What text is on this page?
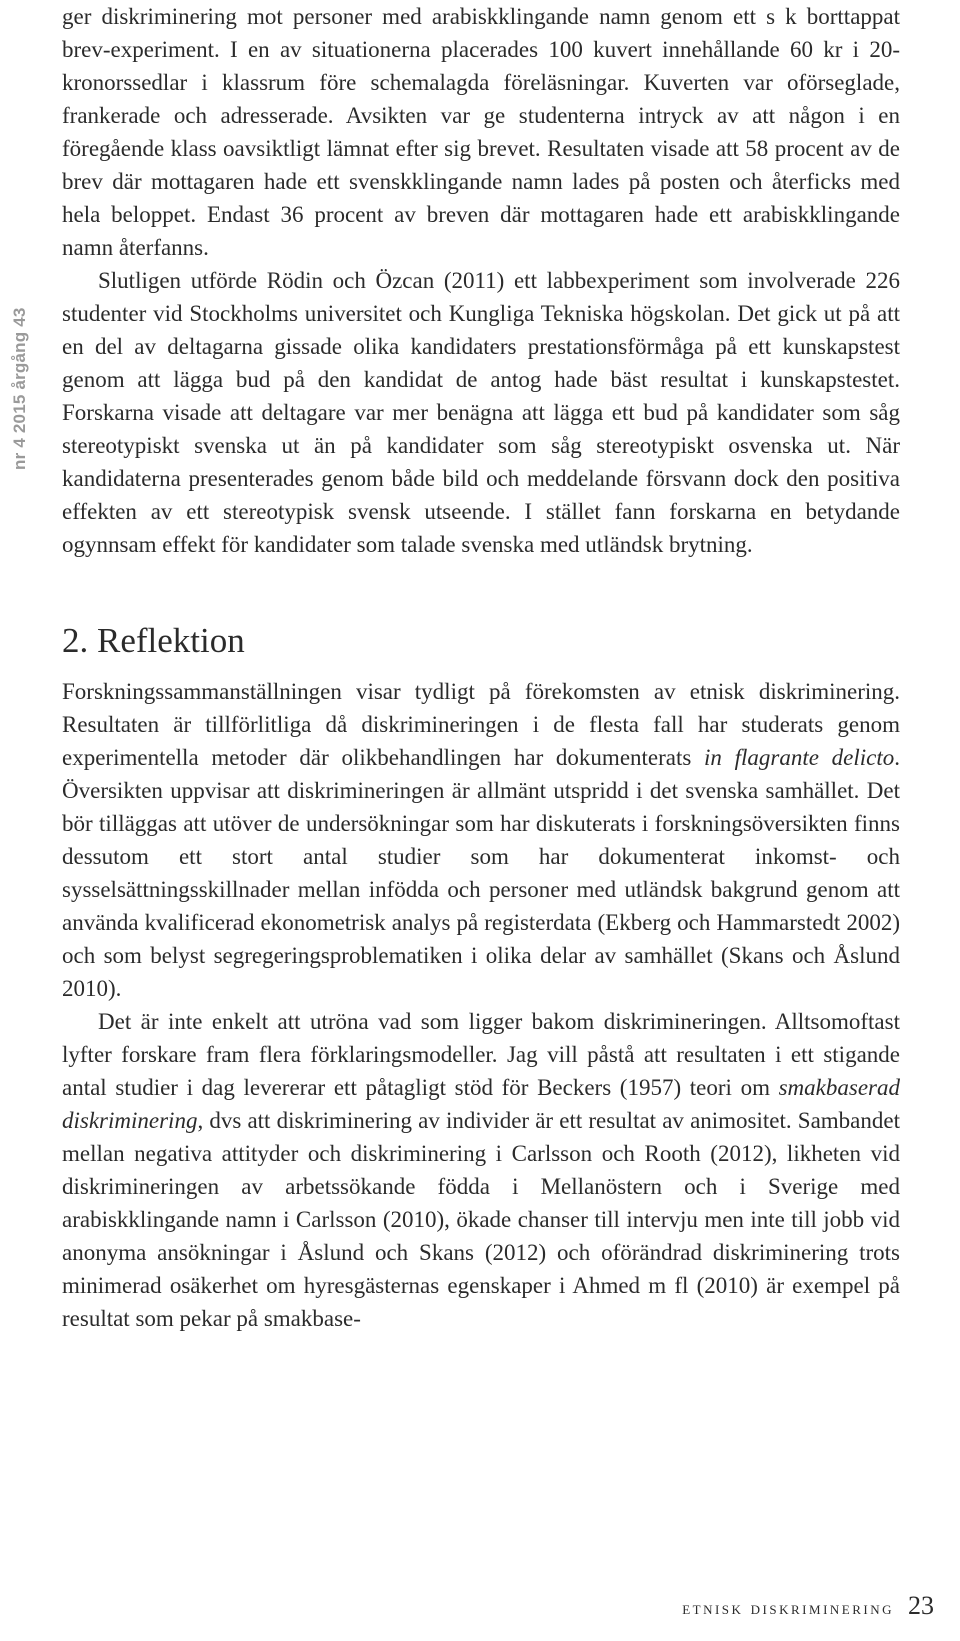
nr 4 2015 årgång 43

ger diskriminering mot personer med arabiskklingande namn genom ett s k borttappat brev-experiment. I en av situationerna placerades 100 kuvert innehållande 60 kr i 20-kronorssedlar i klassrum före schemalagda föreläsningar. Kuverten var oförseglade, frankerade och adresserade. Avsikten var ge studenterna intryck av att någon i en föregående klass oavsiktligt lämnat efter sig brevet. Resultaten visade att 58 procent av de brev där mottagaren hade ett svenskklingande namn lades på posten och återficks med hela beloppet. Endast 36 procent av breven där mottagaren hade ett arabiskklingande namn återfanns.

Slutligen utförde Rödin och Özcan (2011) ett labbexperiment som involverade 226 studenter vid Stockholms universitet och Kungliga Tekniska högskolan. Det gick ut på att en del av deltagarna gissade olika kandidaters prestationsförmåga på ett kunskapstest genom att lägga bud på den kandidat de antog hade bäst resultat i kunskapstestet. Forskarna visade att deltagare var mer benägna att lägga ett bud på kandidater som såg stereotypiskt svenska ut än på kandidater som såg stereotypiskt osvenska ut. När kandidaterna presenterades genom både bild och meddelande försvann dock den positiva effekten av ett stereotypisk svensk utseende. I stället fann forskarna en betydande ogynnsam effekt för kandidater som talade svenska med utländsk brytning.

2. Reflektion

Forskningssammanställningen visar tydligt på förekomsten av etnisk diskriminering. Resultaten är tillförlitliga då diskrimineringen i de flesta fall har studerats genom experimentella metoder där olikbehandlingen har dokumenterats in flagrante delicto. Översikten uppvisar att diskrimineringen är allmänt utspridd i det svenska samhället. Det bör tilläggas att utöver de undersökningar som har diskuterats i forskningsöversikten finns dessutom ett stort antal studier som har dokumenterat inkomst- och sysselsättningsskillnader mellan infödda och personer med utländsk bakgrund genom att använda kvalificerad ekonometrisk analys på registerdata (Ekberg och Hammarstedt 2002) och som belyst segregeringsproblematiken i olika delar av samhället (Skans och Åslund 2010).

Det är inte enkelt att utröna vad som ligger bakom diskrimineringen. Alltsomoftast lyfter forskare fram flera förklaringsmodeller. Jag vill påstå att resultaten i ett stigande antal studier i dag levererar ett påtagligt stöd för Beckers (1957) teori om smakbaserad diskriminering, dvs att diskriminering av individer är ett resultat av animositet. Sambandet mellan negativa attityder och diskriminering i Carlsson och Rooth (2012), likheten vid diskrimineringen av arbetssökande födda i Mellanöstern och i Sverige med arabiskklingande namn i Carlsson (2010), ökade chanser till intervju men inte till jobb vid anonyma ansökningar i Åslund och Skans (2012) och oförändrad diskriminering trots minimerad osäkerhet om hyresgästernas egenskaper i Ahmed m fl (2010) är exempel på resultat som pekar på smakbase-

etnisk diskriminering 23
